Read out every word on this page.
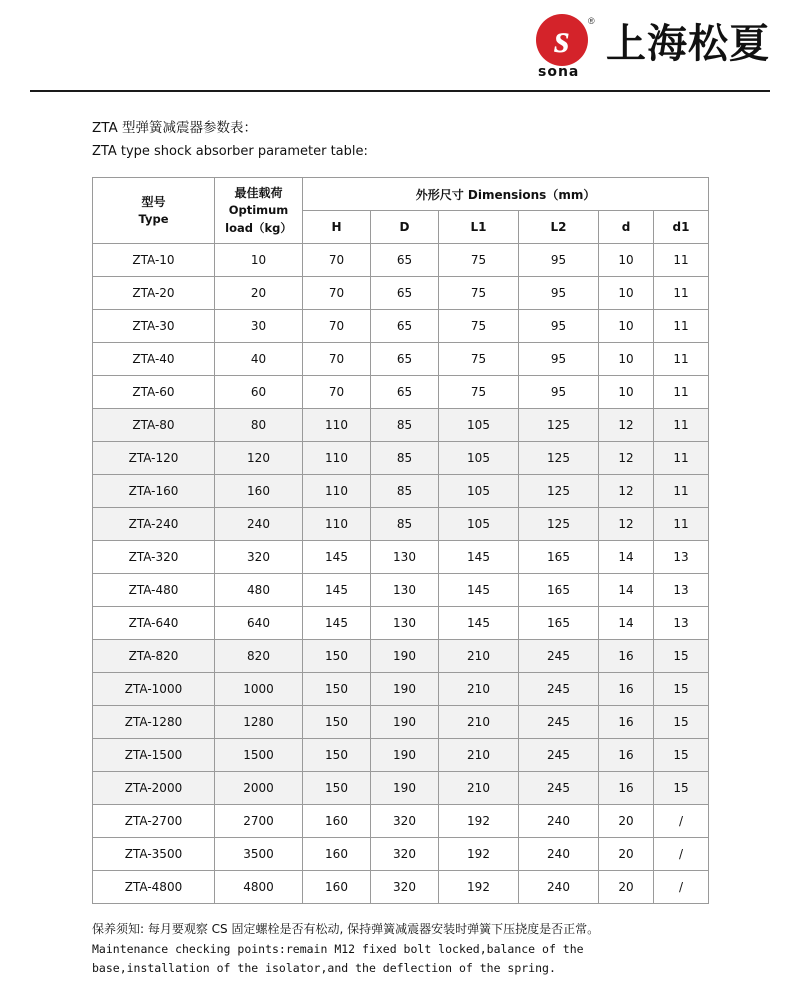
s ®
sona
上海松夏
ZTA 型弹簧减震器参数表：
ZTA type shock absorber parameter table:
型号
Type	最佳载荷
Optimum
load（kg）	外形尺寸 Dimensions（mm）					
		H	D	L1	L2	d	d1
ZTA-10	10	70	65	75	95	10	11
ZTA-20	20	70	65	75	95	10	11
ZTA-30	30	70	65	75	95	10	11
ZTA-40	40	70	65	75	95	10	11
ZTA-60	60	70	65	75	95	10	11
ZTA-80	80	110	85	105	125	12	11
ZTA-120	120	110	85	105	125	12	11
ZTA-160	160	110	85	105	125	12	11
ZTA-240	240	110	85	105	125	12	11
ZTA-320	320	145	130	145	165	14	13
ZTA-480	480	145	130	145	165	14	13
ZTA-640	640	145	130	145	165	14	13
ZTA-820	820	150	190	210	245	16	15
ZTA-1000	1000	150	190	210	245	16	15
ZTA-1280	1280	150	190	210	245	16	15
ZTA-1500	1500	150	190	210	245	16	15
ZTA-2000	2000	150	190	210	245	16	15
ZTA-2700	2700	160	320	192	240	20	/
ZTA-3500	3500	160	320	192	240	20	/
ZTA-4800	4800	160	320	192	240	20	/
保养须知: 每月要观察 CS 固定螺栓是否有松动, 保持弹簧减震器安装时弹簧下压挠度是否正常。
Maintenance checking points:remain M12 fixed bolt locked,balance of the
base,installation of the isolator,and the deflection of the spring.
